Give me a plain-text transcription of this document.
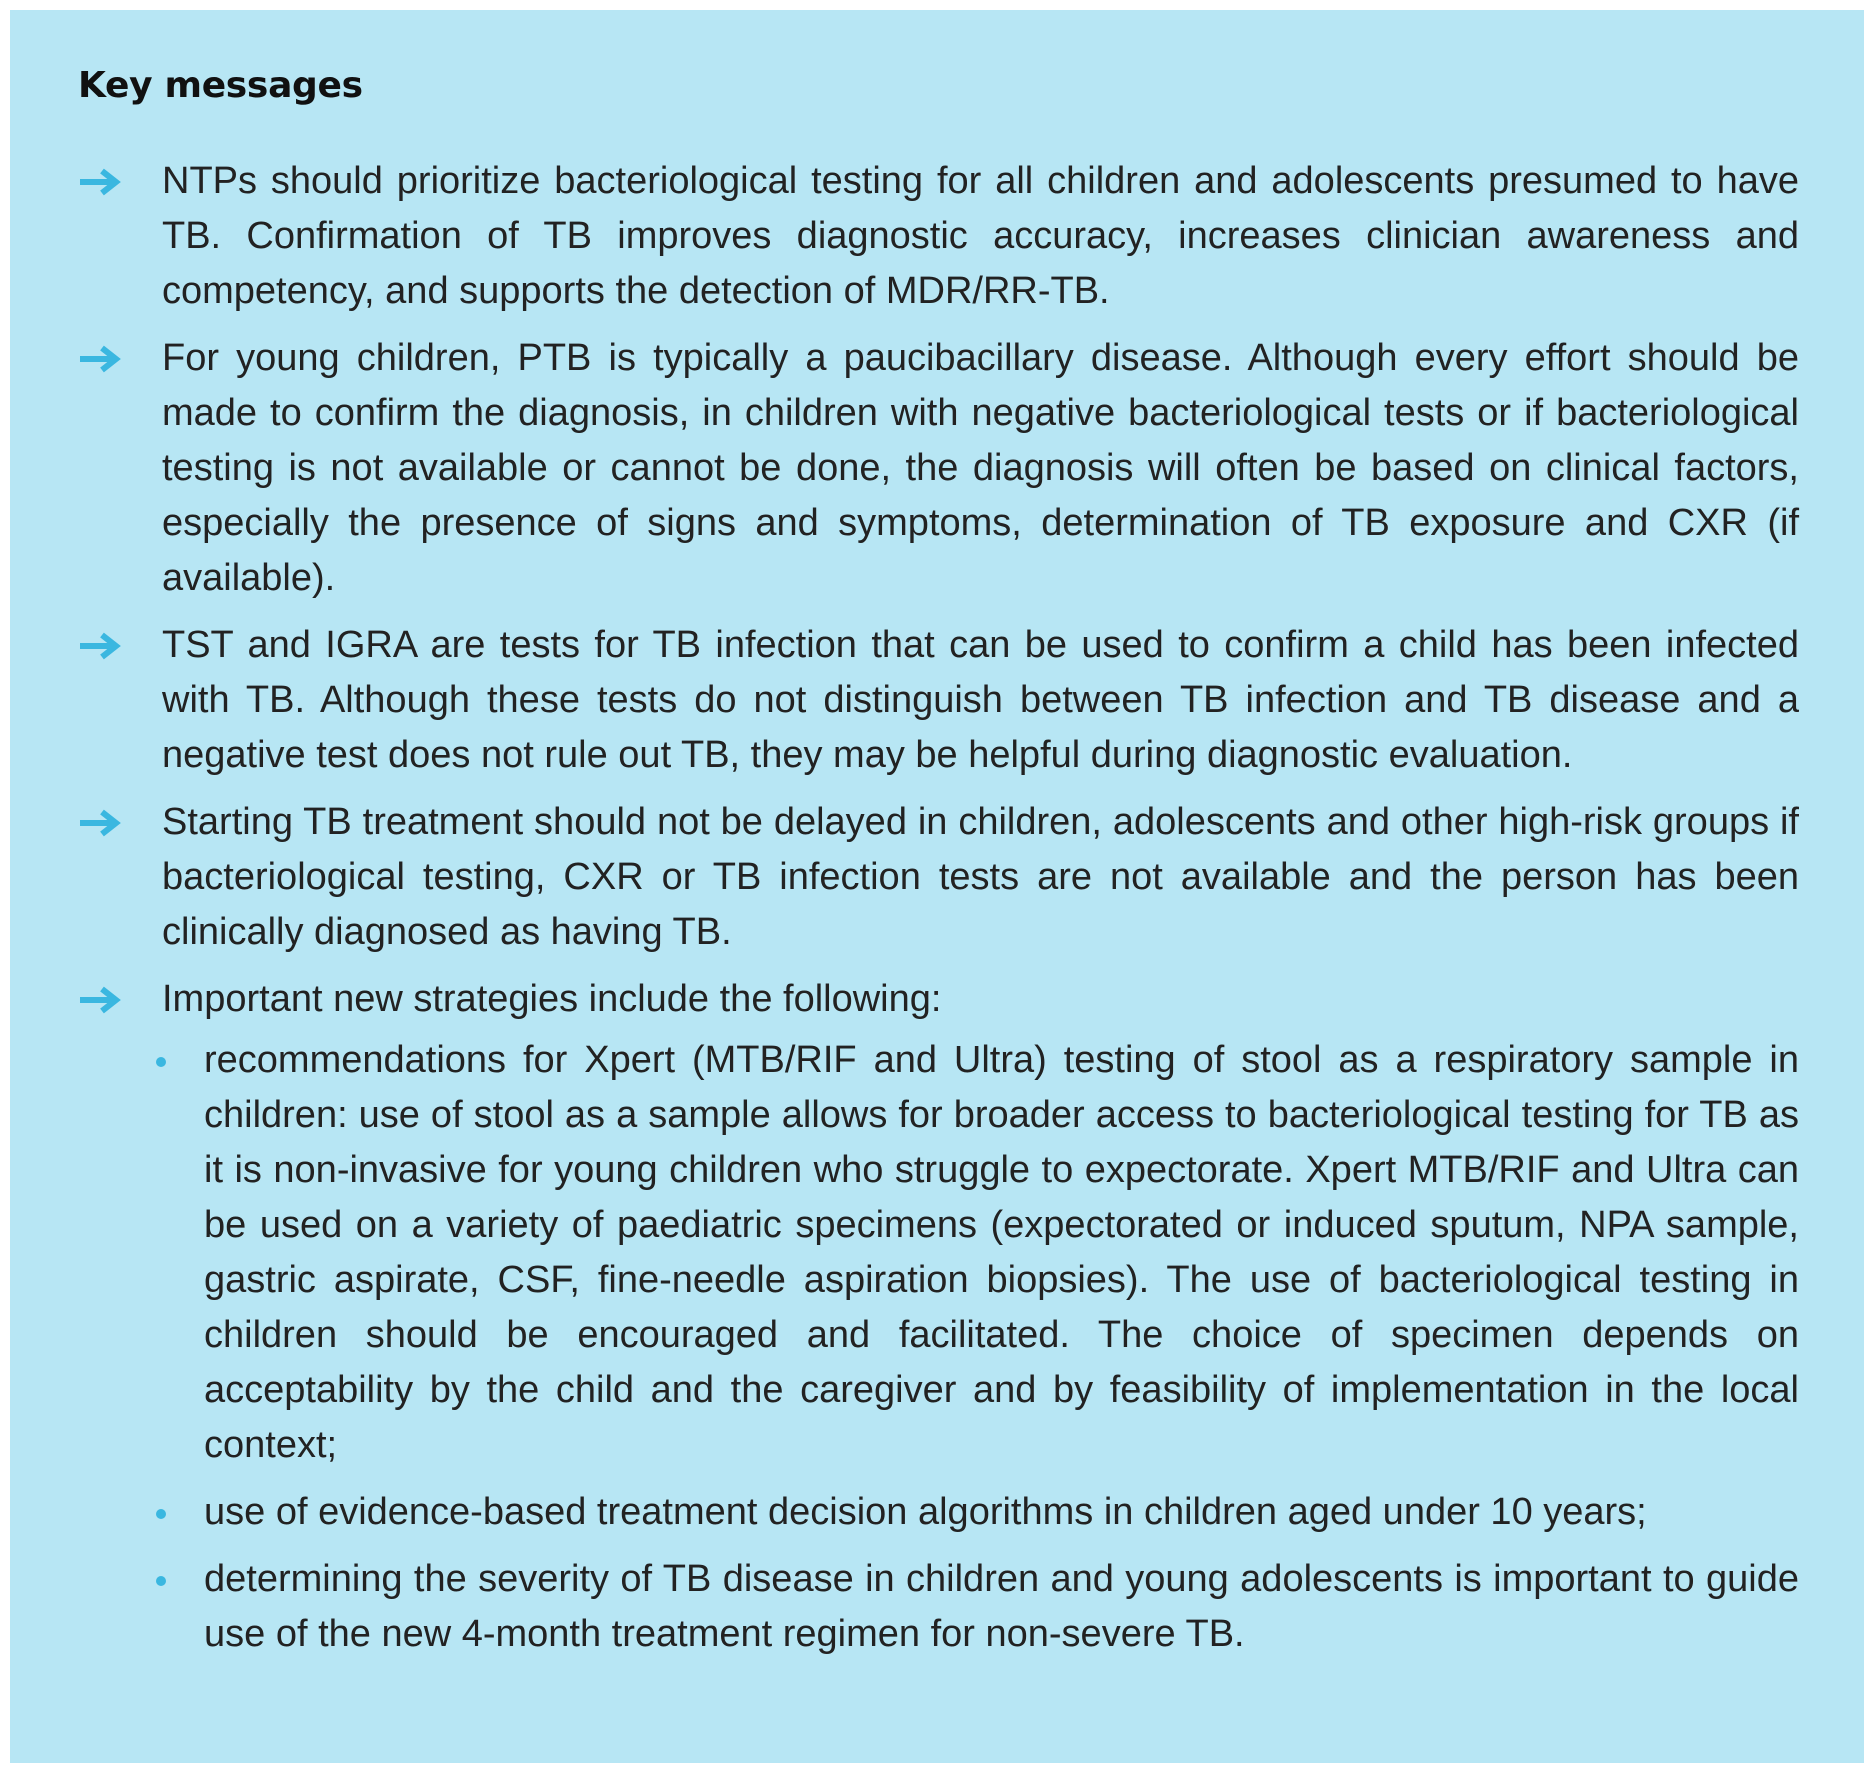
Key messages
NTPs should prioritize bacteriological testing for all children and adolescents presumed to have TB. Confirmation of TB improves diagnostic accuracy, increases clinician awareness and competency, and supports the detection of MDR/RR-TB.
For young children, PTB is typically a paucibacillary disease. Although every effort should be made to confirm the diagnosis, in children with negative bacteriological tests or if bacteriological testing is not available or cannot be done, the diagnosis will often be based on clinical factors, especially the presence of signs and symptoms, determination of TB exposure and CXR (if available).
TST and IGRA are tests for TB infection that can be used to confirm a child has been infected with TB. Although these tests do not distinguish between TB infection and TB disease and a negative test does not rule out TB, they may be helpful during diagnostic evaluation.
Starting TB treatment should not be delayed in children, adolescents and other high-risk groups if bacteriological testing, CXR or TB infection tests are not available and the person has been clinically diagnosed as having TB.
Important new strategies include the following:
recommendations for Xpert (MTB/RIF and Ultra) testing of stool as a respiratory sample in children: use of stool as a sample allows for broader access to bacteriological testing for TB as it is non-invasive for young children who struggle to expectorate. Xpert MTB/RIF and Ultra can be used on a variety of paediatric specimens (expectorated or induced sputum, NPA sample, gastric aspirate, CSF, fine-needle aspiration biopsies). The use of bacteriological testing in children should be encouraged and facilitated. The choice of specimen depends on acceptability by the child and the caregiver and by feasibility of implementation in the local context;
use of evidence-based treatment decision algorithms in children aged under 10 years;
determining the severity of TB disease in children and young adolescents is important to guide use of the new 4-month treatment regimen for non-severe TB.
